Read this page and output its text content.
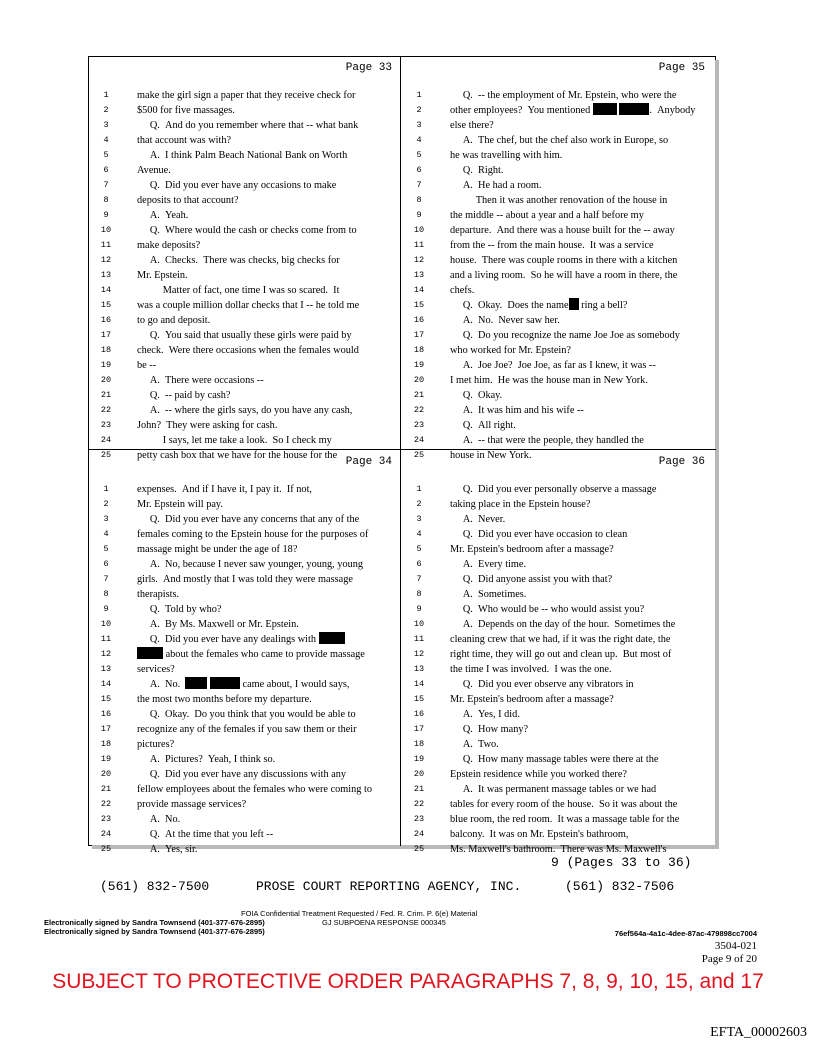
Page 33
1	make the girl sign a paper that they receive check for
2	$500 for five massages.
3	Q.  And do you remember where that -- what bank
4	that account was with?
5	A.  I think Palm Beach National Bank on Worth
6	Avenue.
7	Q.  Did you ever have any occasions to make
8	deposits to that account?
9	A.  Yeah.
10	Q.  Where would the cash or checks come from to
11	make deposits?
12	A.  Checks.  There was checks, big checks for
13	Mr. Epstein.
14	Matter of fact, one time I was so scared.  It
15	was a couple million dollar checks that I -- he told me
16	to go and deposit.
17	Q.  You said that usually these girls were paid by
18	check.  Were there occasions when the females would
19	be --
20	A.  There were occasions --
21	Q.  -- paid by cash?
22	A.  -- where the girls says, do you have any cash,
23	John?  They were asking for cash.
24	I says, let me take a look.  So I check my
25	petty cash box that we have for the house for the
Page 35
1	Q.  -- the employment of Mr. Epstein, who were the
2	other employees?  You mentioned	.  Anybody
3	else there?
4	A.  The chef, but the chef also work in Europe, so
5	he was travelling with him.
6	Q.  Right.
7	A.  He had a room.
8	Then it was another renovation of the house in
9	the middle -- about a year and a half before my
10	departure.  And there was a house built for the -- away
11	from the -- from the main house.  It was a service
12	house.  There was couple rooms in there with a kitchen
13	and a living room.  So he will have a room in there, the
14	chefs.
15	Q.  Okay.  Does the name ring a bell?
16	A.  No.  Never saw her.
17	Q.  Do you recognize the name Joe Joe as somebody
18	who worked for Mr. Epstein?
19	A.  Joe Joe?  Joe Joe, as far as I knew, it was --
20	I met him.  He was the house man in New York.
21	Q.  Okay.
22	A.  It was him and his wife --
23	Q.  All right.
24	A.  -- that were the people, they handled the
25	house in New York.
Page 34
1	expenses.  And if I have it, I pay it.  If not,
2	Mr. Epstein will pay.
3	Q.  Did you ever have any concerns that any of the
4	females coming to the Epstein house for the purposes of
5	massage might be under the age of 18?
6	A.  No, because I never saw younger, young, young
7	girls.  And mostly that I was told they were massage
8	therapists.
9	Q.  Told by who?
10	A.  By Ms. Maxwell or Mr. Epstein.
11	Q.  Did you ever have any dealings with
12	about the females who came to provide massage
13	services?
14	A.  No.	came about, I would says,
15	the most two months before my departure.
16	Q.  Okay.  Do you think that you would be able to
17	recognize any of the females if you saw them or their
18	pictures?
19	A.  Pictures?  Yeah, I think so.
20	Q.  Did you ever have any discussions with any
21	fellow employees about the females who were coming to
22	provide massage services?
23	A.  No.
24	Q.  At the time that you left --
25	A.  Yes, sir.
Page 36
1	Q.  Did you ever personally observe a massage
2	taking place in the Epstein house?
3	A.  Never.
4	Q.  Did you ever have occasion to clean
5	Mr. Epstein's bedroom after a massage?
6	A.  Every time.
7	Q.  Did anyone assist you with that?
8	A.  Sometimes.
9	Q.  Who would be -- who would assist you?
10	A.  Depends on the day of the hour.  Sometimes the
11	cleaning crew that we had, if it was the right date, the
12	right time, they will go out and clean up.  But most of
13	the time I was involved.  I was the one.
14	Q.  Did you ever observe any vibrators in
15	Mr. Epstein's bedroom after a massage?
16	A.  Yes, I did.
17	Q.  How many?
18	A.  Two.
19	Q.  How many massage tables were there at the
20	Epstein residence while you worked there?
21	A.  It was permanent massage tables or we had
22	tables for every room of the house.  So it was about the
23	blue room, the red room.  It was a massage table for the
24	balcony.  It was on Mr. Epstein's bathroom,
25	Ms. Maxwell's bathroom.  There was Ms. Maxwell's
9 (Pages 33 to 36)
(561) 832-7500	PROSE COURT REPORTING AGENCY, INC.	(561) 832-7506
FOIA Confidential Treatment Requested / Fed. R. Crim. P. 6(e) Material
GJ SUBPOENA RESPONSE 000345
Electronically signed by Sandra Townsend (401-377-676-2895)
Electronically signed by Sandra Townsend (401-377-676-2895)	76ef564a-4a1c-4dee-87ac-479898cc7004
3504-021
Page 9 of 20
SUBJECT TO PROTECTIVE ORDER PARAGRAPHS 7, 8, 9, 10, 15, and 17
EFTA_00002603
